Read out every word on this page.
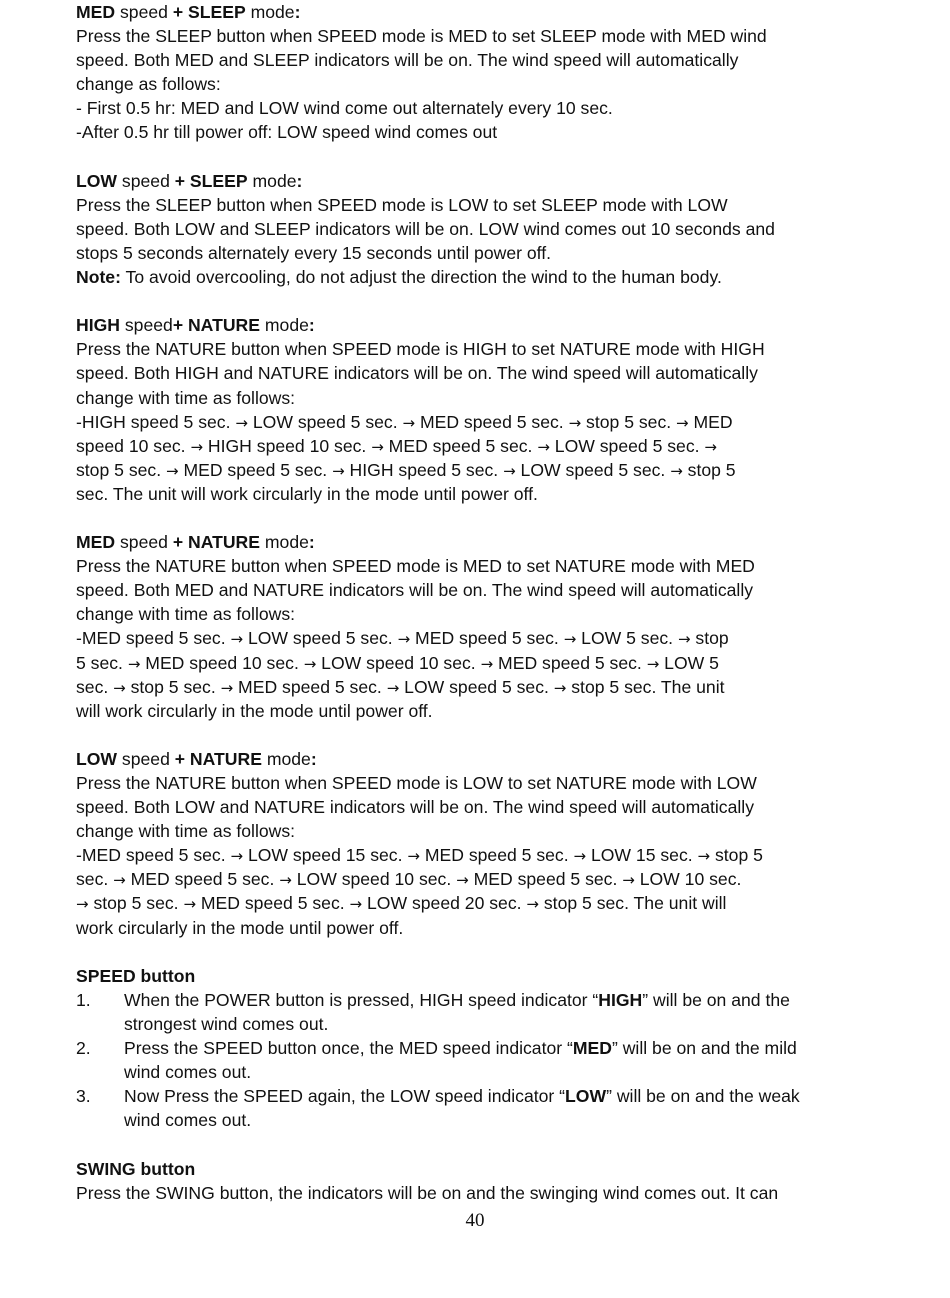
MED speed + SLEEP mode:
Press the SLEEP button when SPEED mode is MED to set SLEEP mode with MED wind
speed. Both MED and SLEEP indicators will be on. The wind speed will automatically
change as follows:
- First 0.5 hr: MED and LOW wind come out alternately every 10 sec.
-After 0.5 hr till power off: LOW speed wind comes out
LOW speed + SLEEP mode:
Press the SLEEP button when SPEED mode is LOW to set SLEEP mode with LOW
speed. Both LOW and SLEEP indicators will be on. LOW wind comes out 10 seconds and
stops 5 seconds alternately every 15 seconds until power off.
Note: To avoid overcooling, do not adjust the direction the wind to the human body.
HIGH speed+ NATURE mode:
Press the NATURE button when SPEED mode is HIGH to set NATURE mode with HIGH
speed. Both HIGH and NATURE indicators will be on. The wind speed will automatically
change with time as follows:
-HIGH speed 5 sec. → LOW speed 5 sec. → MED speed 5 sec. → stop 5 sec. → MED
speed 10 sec. → HIGH speed 10 sec. → MED speed 5 sec. → LOW speed 5 sec. →
stop 5 sec. → MED speed 5 sec. → HIGH speed 5 sec. → LOW speed 5 sec. → stop 5
sec. The unit will work circularly in the mode until power off.
MED speed + NATURE mode:
Press the NATURE button when SPEED mode is MED to set NATURE mode with MED
speed. Both MED and NATURE indicators will be on. The wind speed will automatically
change with time as follows:
-MED speed 5 sec. → LOW speed 5 sec. → MED speed 5 sec. → LOW 5 sec. → stop
5 sec. → MED speed 10 sec. → LOW speed 10 sec. → MED speed 5 sec. → LOW 5
sec. → stop 5 sec. → MED speed 5 sec. → LOW speed 5 sec. → stop 5 sec. The unit
will work circularly in the mode until power off.
LOW speed + NATURE mode:
Press the NATURE button when SPEED mode is LOW to set NATURE mode with LOW
speed. Both LOW and NATURE indicators will be on. The wind speed will automatically
change with time as follows:
-MED speed 5 sec. → LOW speed 15 sec. → MED speed 5 sec. → LOW 15 sec. → stop 5
sec. → MED speed 5 sec. → LOW speed 10 sec. → MED speed 5 sec. → LOW 10 sec.
→ stop 5 sec. → MED speed 5 sec. → LOW speed 20 sec. → stop 5 sec. The unit will
work circularly in the mode until power off.
SPEED button
1. When the POWER button is pressed, HIGH speed indicator “HIGH” will be on and the
strongest wind comes out.
2. Press the SPEED button once, the MED speed indicator “MED” will be on and the mild
wind comes out.
3. Now Press the SPEED again, the LOW speed indicator “LOW” will be on and the weak
wind comes out.
SWING button
Press the SWING button, the indicators will be on and the swinging wind comes out. It can
40
